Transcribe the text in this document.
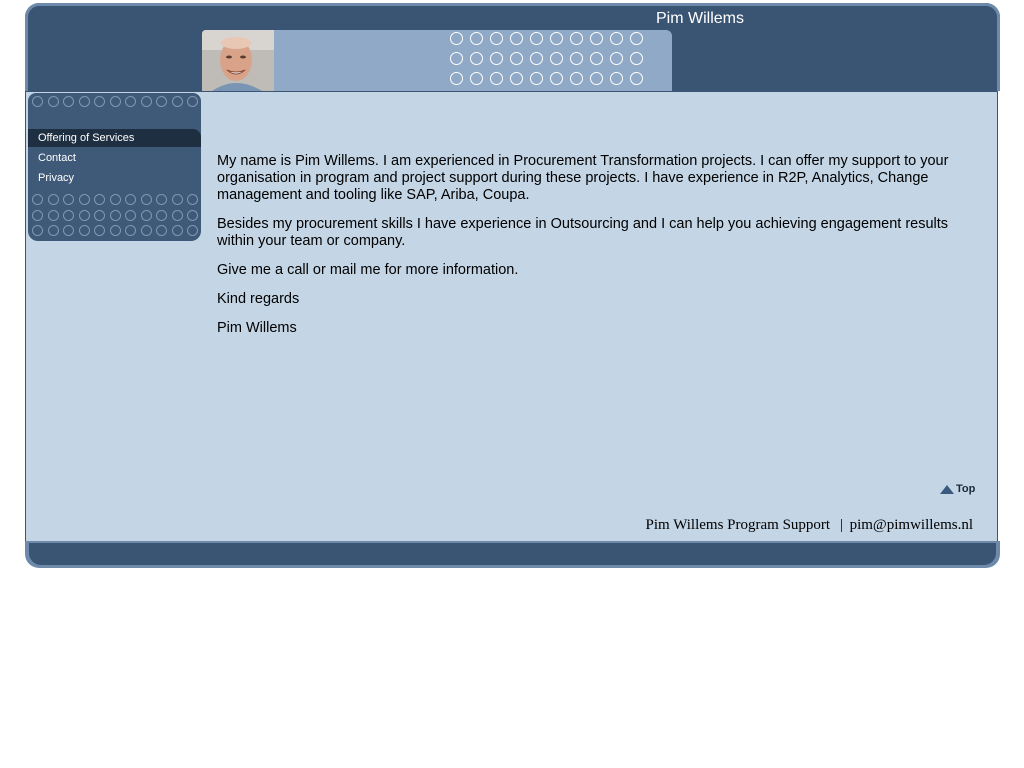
Pim Willems
Offering of Services
Contact
Privacy

My name is Pim Willems. I am experienced in Procurement Transformation projects. I can offer my support to your organisation in program and project support during these projects. I have experience in R2P, Analytics, Change management and tooling like SAP, Ariba, Coupa.

Besides my procurement skills I have experience in Outsourcing and I can help you achieving engagement results within your team or company.

Give me a call or mail me for more information.

Kind regards

Pim Willems

Top
Pim Willems Program Support | pim@pimwillems.nl
